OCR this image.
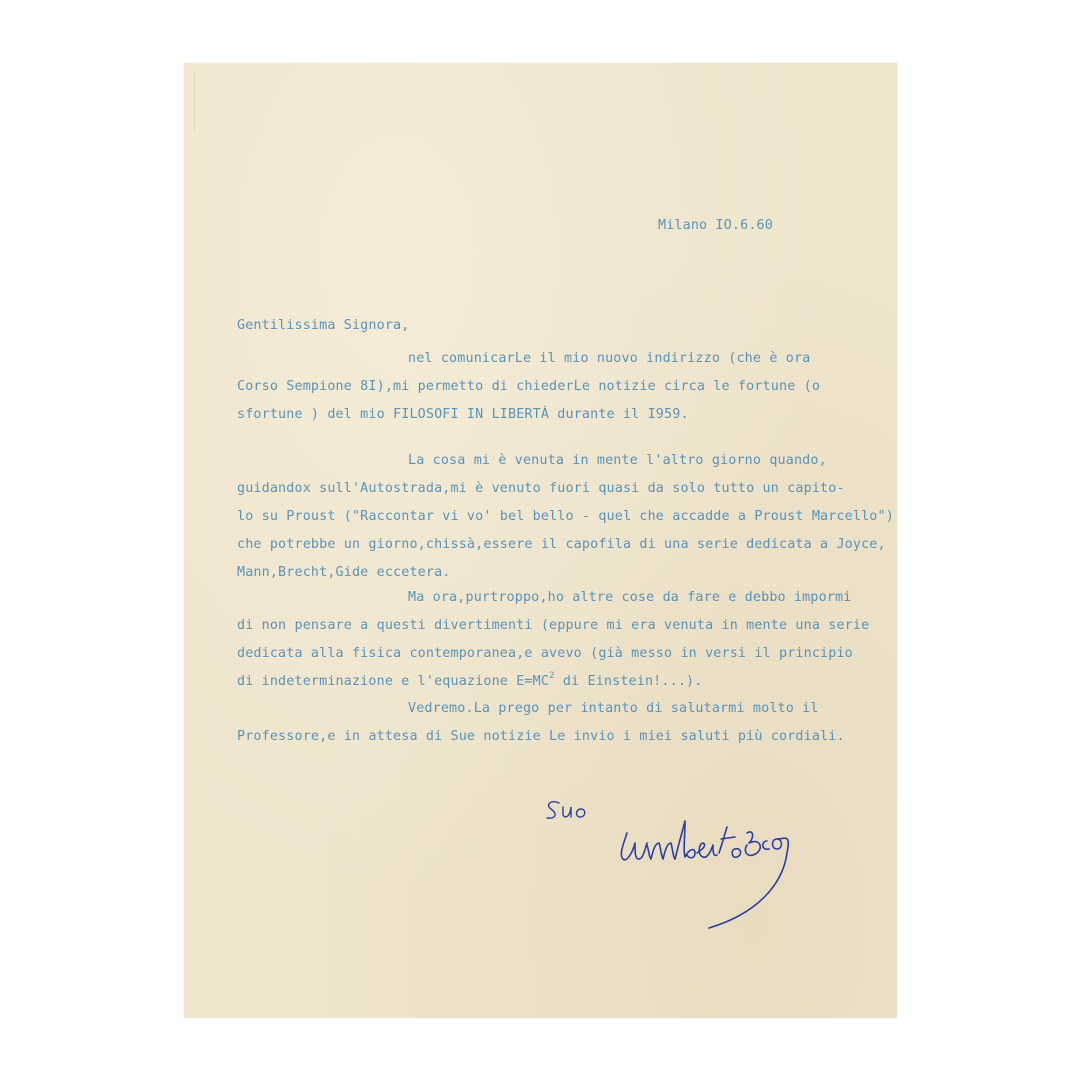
Milano IO.6.60
Gentilissima Signora,
nel comunicarLe il mio nuovo indirizzo (che è ora
Corso Sempione 8I),mi permetto di chiederLe notizie circa le fortune (o
sfortune ) del mio FILOSOFI IN LIBERTÀ durante il I959.
La cosa mi è venuta in mente l'altro giorno quando,
guidandox sull'Autostrada,mi è venuto fuori quasi da solo tutto un capito-
lo su Proust ("Raccontar vi vo' bel bello - quel che accadde a Proust Marcello")
che potrebbe un giorno,chissà,essere il capofila di una serie dedicata a Joyce,
Mann,Brecht,Gide eccetera.
Ma ora,purtroppo,ho altre cose da fare e debbo impormi
di non pensare a questi divertimenti (eppure mi era venuta in mente una serie
dedicata alla fisica contemporanea,e avevo (già messo in versi il principio
di indeterminazione e l'equazione $E=MC^2$ di Einstein!...).
Vedremo.La prego per intanto di salutarmi molto il
Professore,e in attesa di Sue notizie Le invio i miei saluti più cordiali.
